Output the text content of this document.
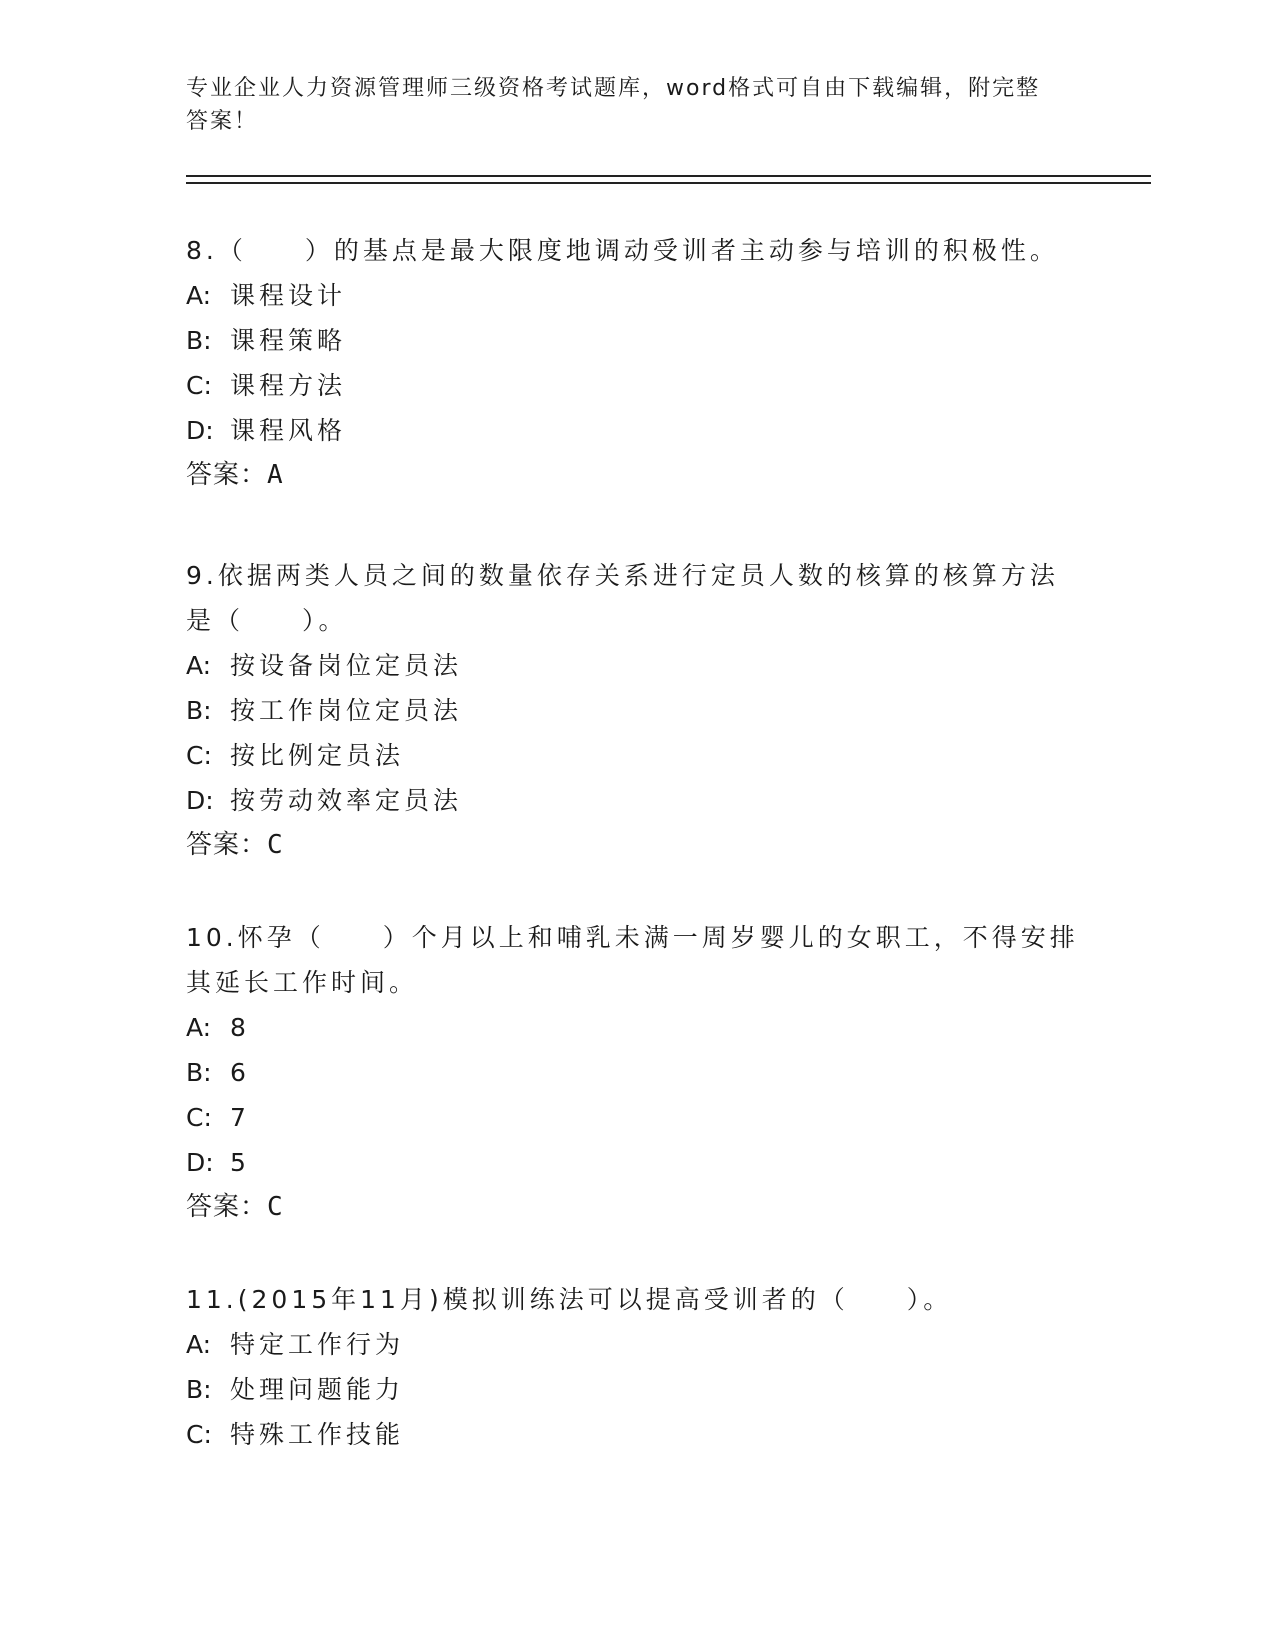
专业企业人力资源管理师三级资格考试题库，word格式可自由下载编辑，附完整
答案！

8.（　　）的基点是最大限度地调动受训者主动参与培训的积极性。

A: 课程设计

B: 课程策略

C: 课程方法

D: 课程风格

答案：A

9.依据两类人员之间的数量依存关系进行定员人数的核算的核算方法

是（　　）。

A: 按设备岗位定员法

B: 按工作岗位定员法

C: 按比例定员法

D: 按劳动效率定员法

答案：C

10.怀孕（　　）个月以上和哺乳未满一周岁婴儿的女职工，不得安排

其延长工作时间。

A: 8

B: 6

C: 7

D: 5

答案：C

11.(2015年11月)模拟训练法可以提高受训者的（　　）。

A: 特定工作行为

B: 处理问题能力

C: 特殊工作技能
